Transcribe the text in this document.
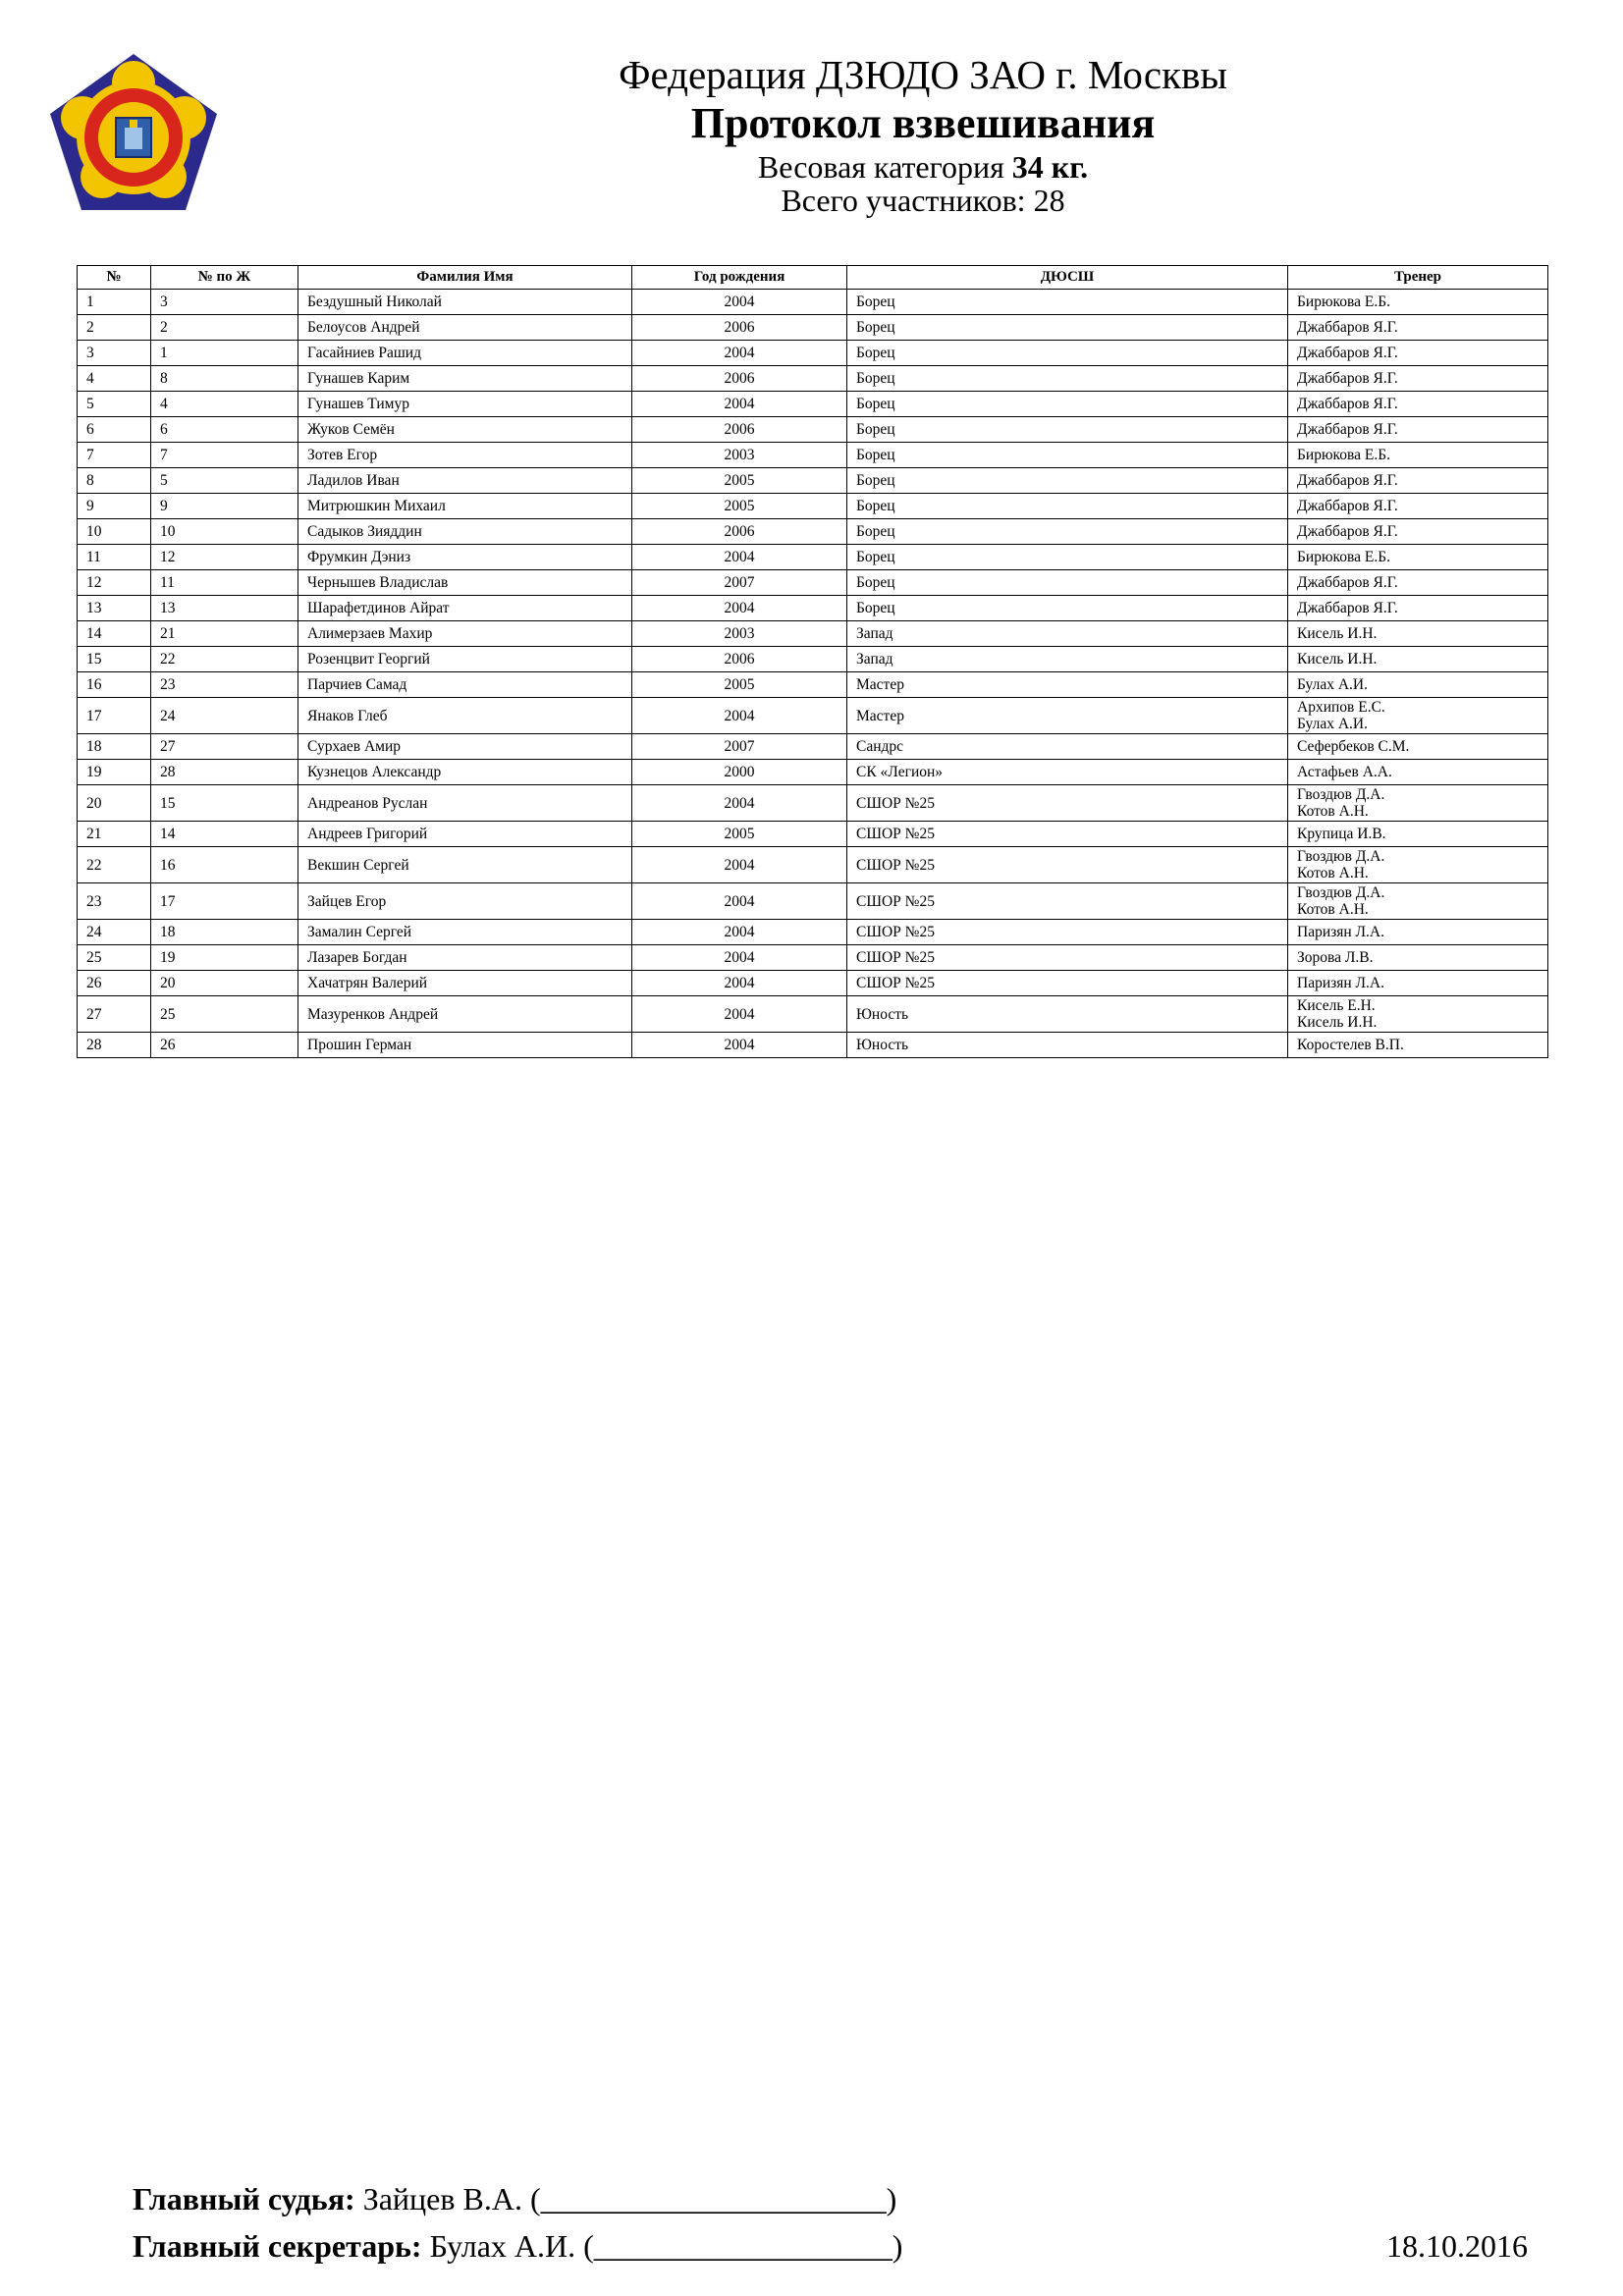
Федерация ДЗЮДО ЗАО г. Москвы
Протокол взвешивания
Весовая категория 34 кг.
Всего участников: 28
№	№ по Ж	Фамилия Имя	Год рождения	ДЮСШ	Тренер
1	3	Бездушный Николай	2004	Борец	Бирюкова Е.Б.

2	2	Белоусов Андрей	2006	Борец	Джаббаров Я.Г.

3	1	Гасайниев Рашид	2004	Борец	Джаббаров Я.Г.

4	8	Гунашев Карим	2006	Борец	Джаббаров Я.Г.

5	4	Гунашев Тимур	2004	Борец	Джаббаров Я.Г.

6	6	Жуков Семён	2006	Борец	Джаббаров Я.Г.

7	7	Зотев Егор	2003	Борец	Бирюкова Е.Б.

8	5	Ладилов Иван	2005	Борец	Джаббаров Я.Г.

9	9	Митрюшкин Михаил	2005	Борец	Джаббаров Я.Г.

10	10	Садыков Зияддин	2006	Борец	Джаббаров Я.Г.

11	12	Фрумкин Дэниз	2004	Борец	Бирюкова Е.Б.

12	11	Чернышев Владислав	2007	Борец	Джаббаров Я.Г.

13	13	Шарафетдинов Айрат	2004	Борец	Джаббаров Я.Г.

14	21	Алимерзаев Махир	2003	Запад	Кисель И.Н.

15	22	Розенцвит Георгий	2006	Запад	Кисель И.Н.

16	23	Парчиев Самад	2005	Мастер	Булах А.И.

17	24	Янаков Глеб	2004	Мастер	Архипов Е.С.
Булах А.И.

18	27	Сурхаев Амир	2007	Сандрс	Сефербеков С.М.

19	28	Кузнецов Александр	2000	СК «Легион»	Астафьев А.А.

20	15	Андреанов Руслан	2004	СШОР №25	Гвоздюв Д.А.
Котов А.Н.

21	14	Андреев Григорий	2005	СШОР №25	Крупица И.В.

22	16	Векшин Сергей	2004	СШОР №25	Гвоздюв Д.А.
Котов А.Н.

23	17	Зайцев Егор	2004	СШОР №25	Гвоздюв Д.А.
Котов А.Н.

24	18	Замалин Сергей	2004	СШОР №25	Паризян Л.А.

25	19	Лазарев Богдан	2004	СШОР №25	Зорова Л.В.

26	20	Хачатрян Валерий	2004	СШОР №25	Паризян Л.А.

27	25	Мазуренков Андрей	2004	Юность	Кисель Е.Н.
Кисель И.Н.

28	26	Прошин Герман	2004	Юность	Коростелев В.П.
Главный судья: Зайцев В.А. (______________________)
Главный секретарь: Булах А.И. (___________________)	18.10.2016
